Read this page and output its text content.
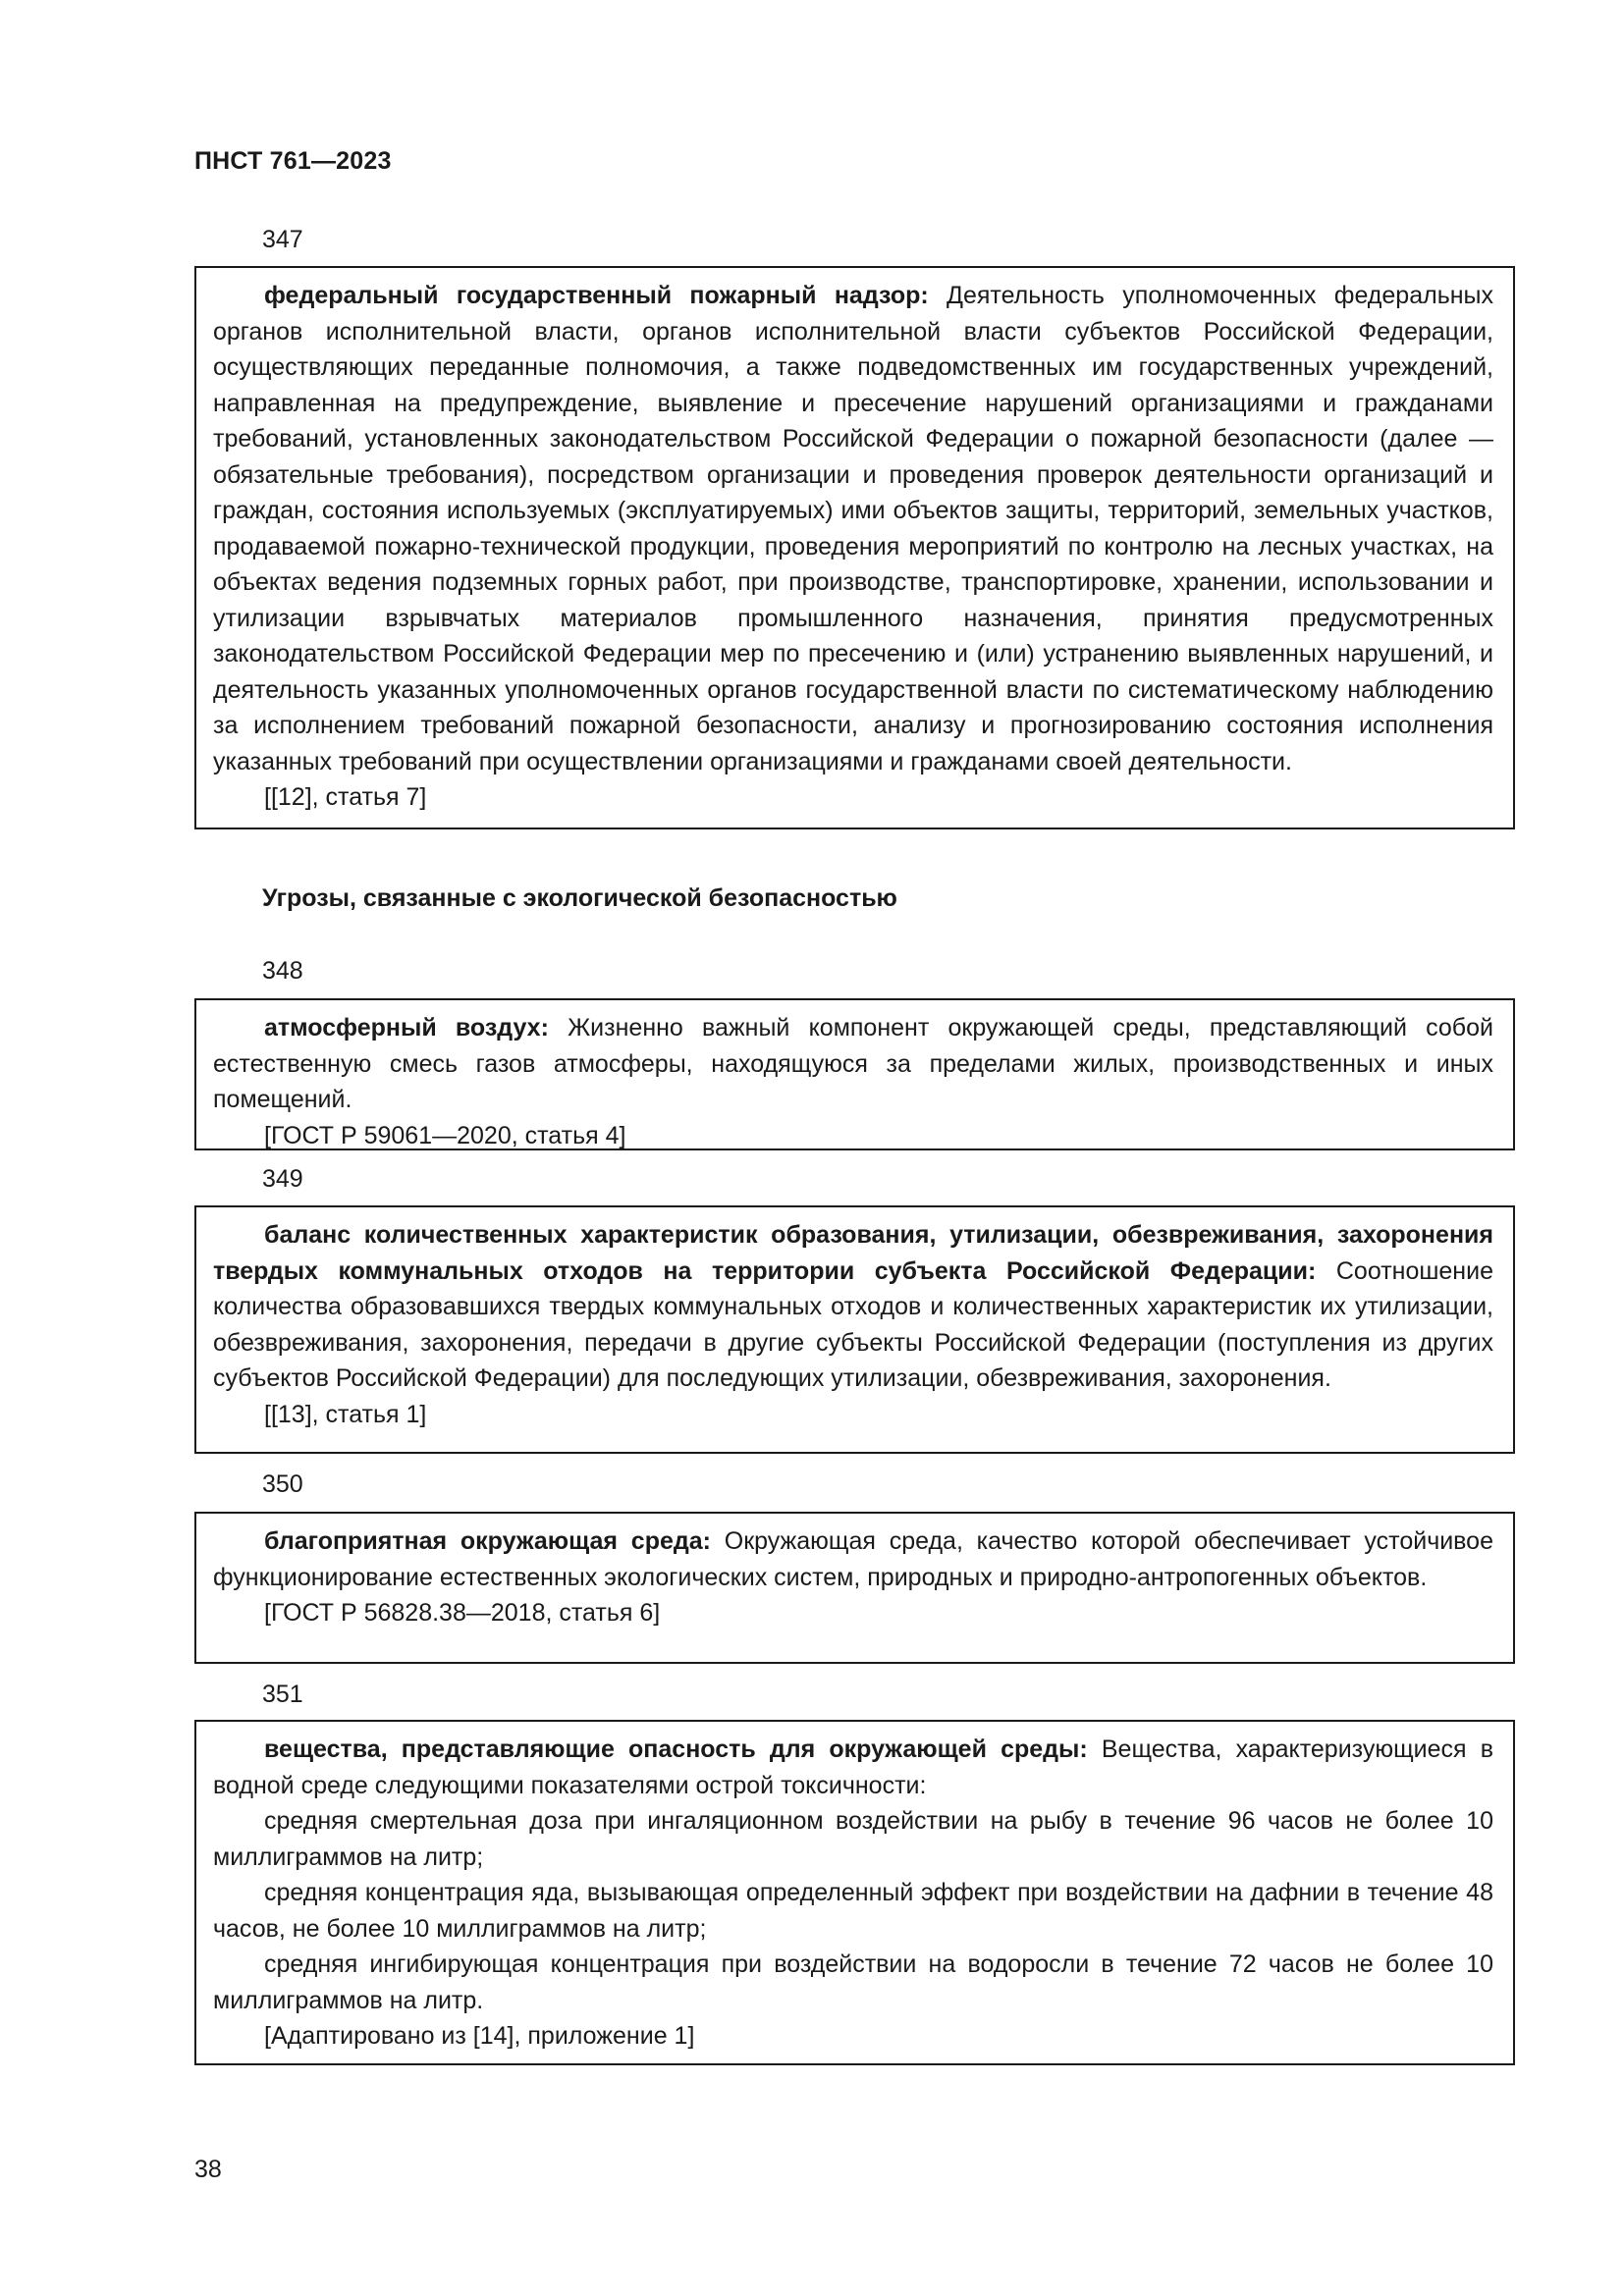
ПНСТ 761—2023
347

федеральный государственный пожарный надзор: Деятельность уполномоченных федеральных органов исполнительной власти, органов исполнительной власти субъектов Российской Федерации, осуществляющих переданные полномочия, а также подведомственных им государственных учреждений, направленная на предупреждение, выявление и пресечение нарушений организациями и гражданами требований, установленных законодательством Российской Федерации о пожарной безопасности (далее — обязательные требования), посредством организации и проведения проверок деятельности организаций и граждан, состояния используемых (эксплуатируемых) ими объектов защиты, территорий, земельных участков, продаваемой пожарно-технической продукции, проведения мероприятий по контролю на лесных участках, на объектах ведения подземных горных работ, при производстве, транспортировке, хранении, использовании и утилизации взрывчатых материалов промышленного назначения, принятия предусмотренных законодательством Российской Федерации мер по пресечению и (или) устранению выявленных нарушений, и деятельность указанных уполномоченных органов государственной власти по систематическому наблюдению за исполнением требований пожарной безопасности, анализу и прогнозированию состояния исполнения указанных требований при осуществлении организациями и гражданами своей деятельности.

[[12], статья 7]

Угрозы, связанные с экологической безопасностью
348

атмосферный воздух: Жизненно важный компонент окружающей среды, представляющий собой естественную смесь газов атмосферы, находящуюся за пределами жилых, производственных и иных помещений.

[ГОСТ Р 59061—2020, статья 4]

349

баланс количественных характеристик образования, утилизации, обезвреживания, захоронения твердых коммунальных отходов на территории субъекта Российской Федерации: Соотношение количества образовавшихся твердых коммунальных отходов и количественных характеристик их утилизации, обезвреживания, захоронения, передачи в другие субъекты Российской Федерации (поступления из других субъектов Российской Федерации) для последующих утилизации, обезвреживания, захоронения.

[[13], статья 1]

350

благоприятная окружающая среда: Окружающая среда, качество которой обеспечивает устойчивое функционирование естественных экологических систем, природных и природно-антропогенных объектов.

[ГОСТ Р 56828.38—2018, статья 6]

351

вещества, представляющие опасность для окружающей среды: Вещества, характеризующиеся в водной среде следующими показателями острой токсичности:

средняя смертельная доза при ингаляционном воздействии на рыбу в течение 96 часов не более 10 миллиграммов на литр;

средняя концентрация яда, вызывающая определенный эффект при воздействии на дафнии в течение 48 часов, не более 10 миллиграммов на литр;

средняя ингибирующая концентрация при воздействии на водоросли в течение 72 часов не более 10 миллиграммов на литр.

[Адаптировано из [14], приложение 1]

38
